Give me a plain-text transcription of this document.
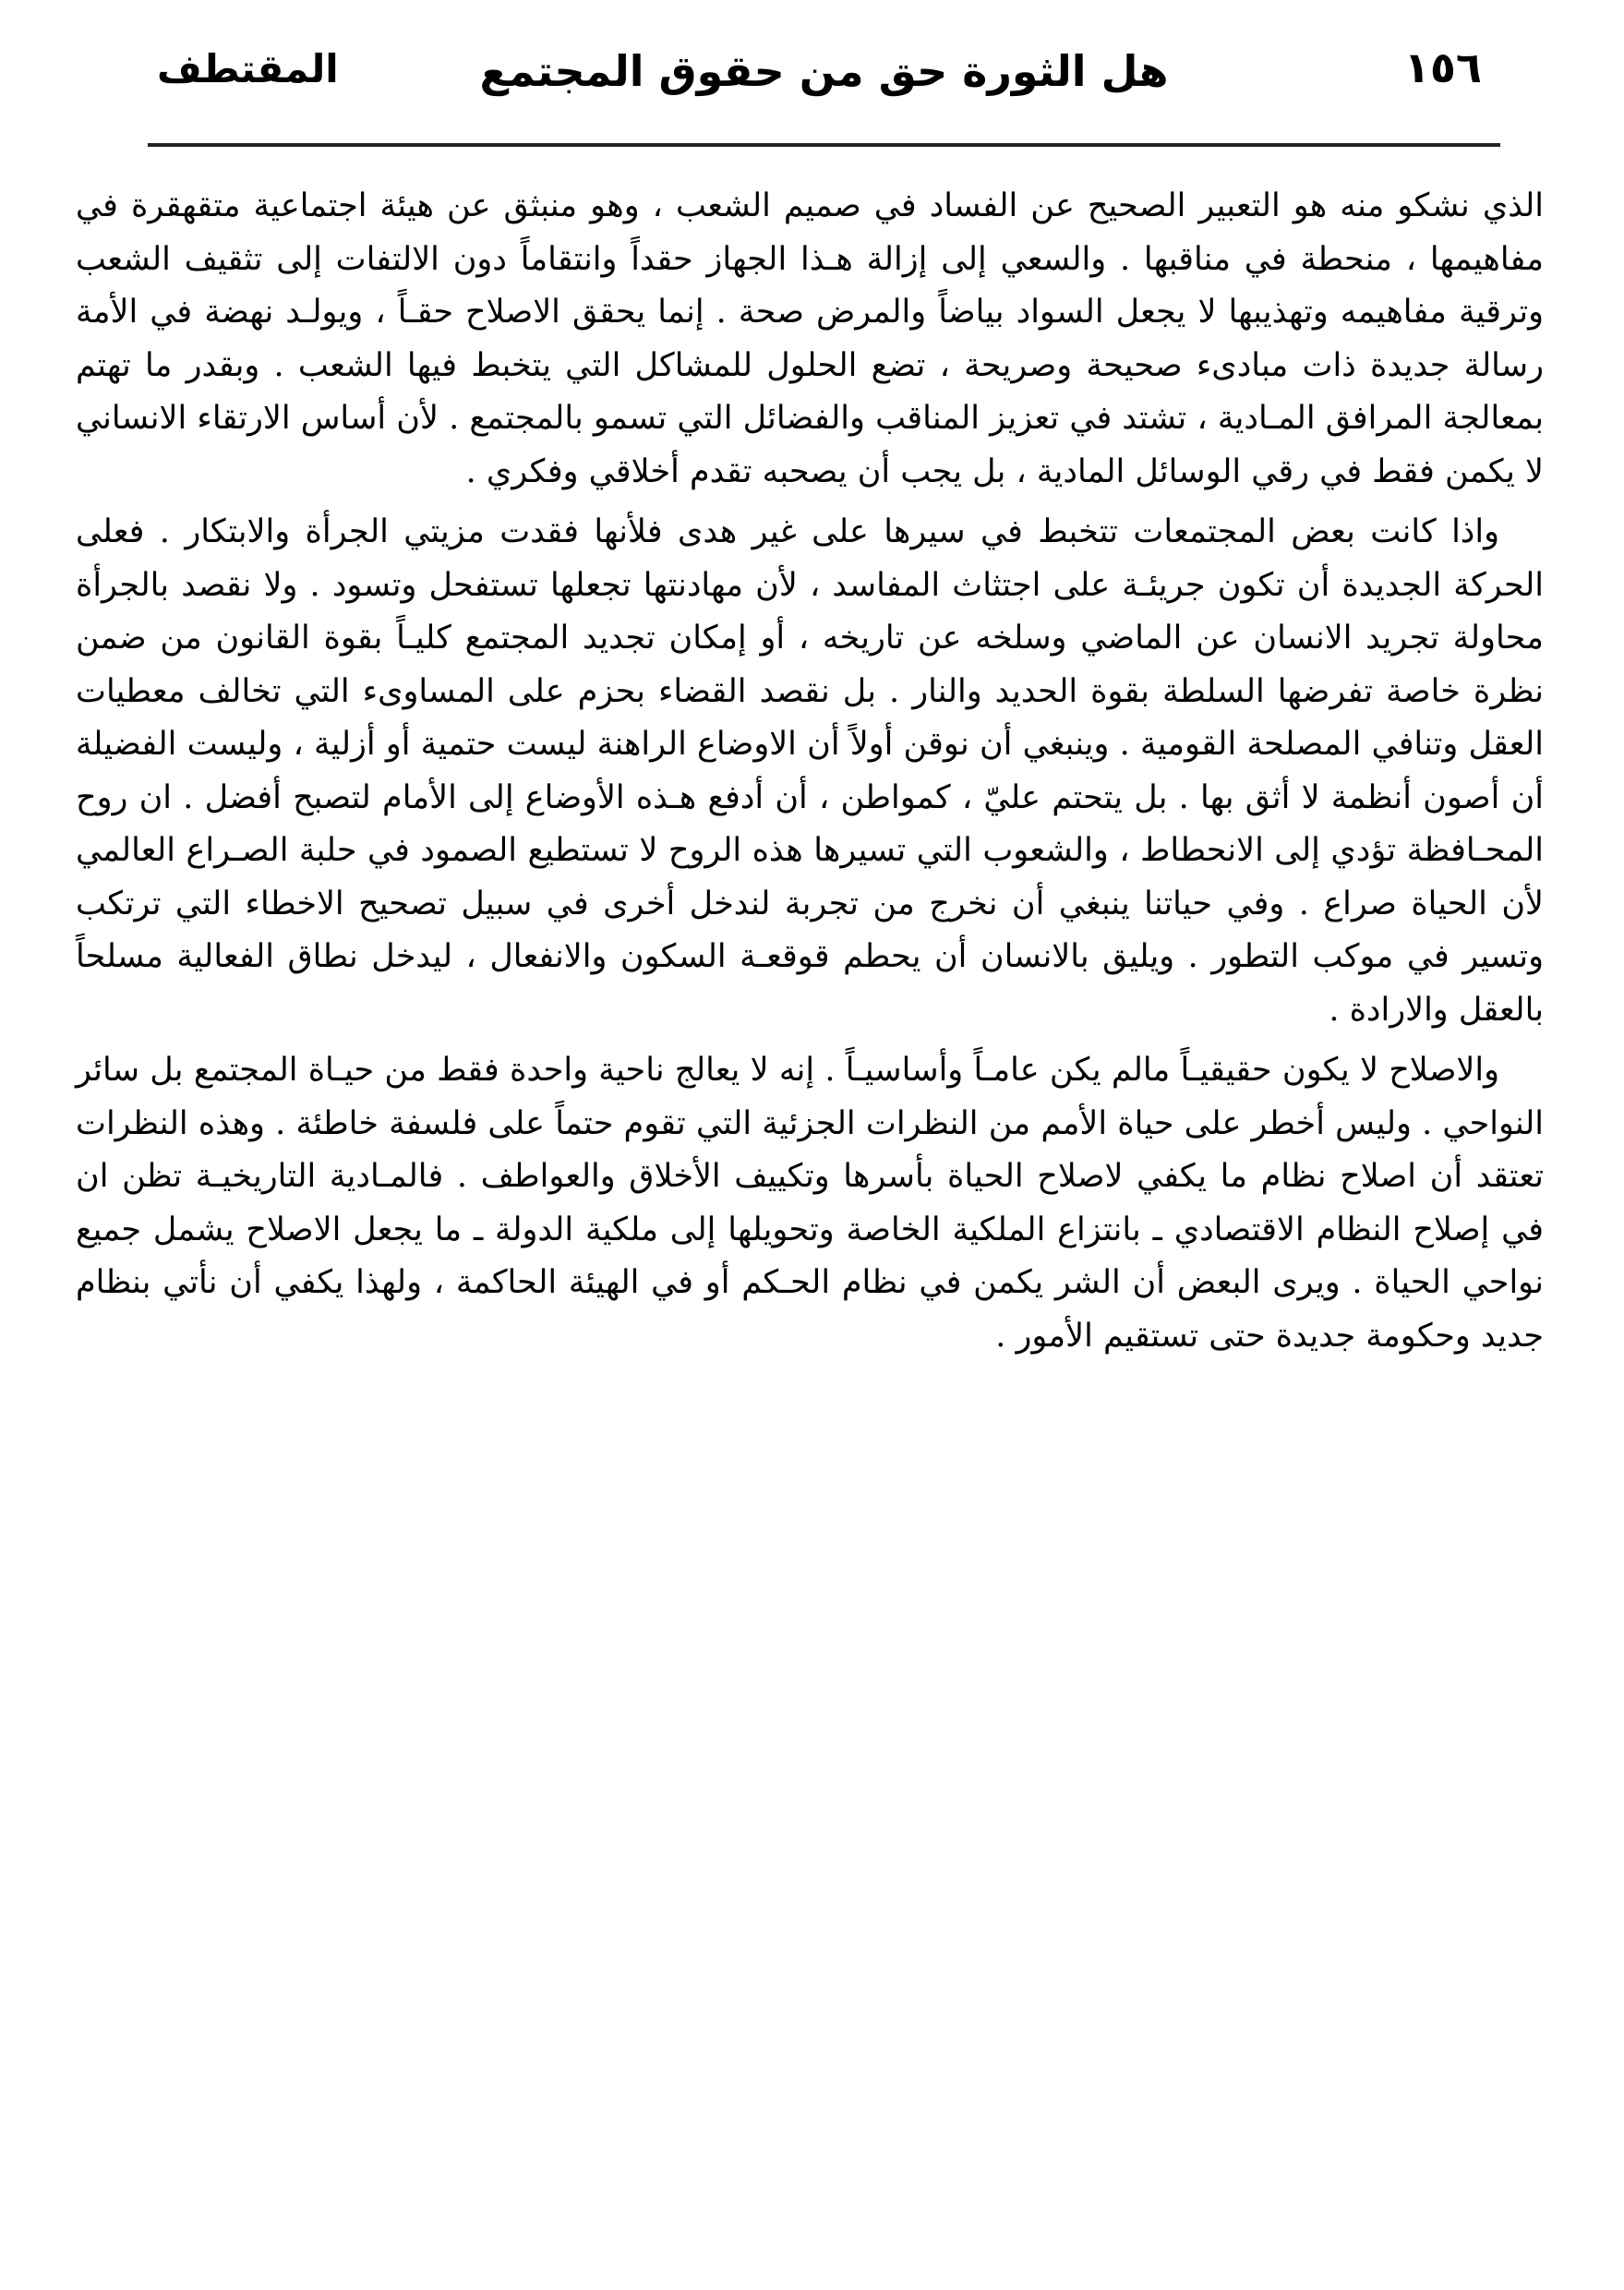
المقتطف	هل الثورة حق من حقوق المجتمع	١٥٦

الذي نشكو منه هو التعبير الصحيح عن الفساد في صميم الشعب ، وهو منبثق عن هيئة اجتماعية متقهقرة في مفاهيمها ، منحطة في مناقبها . والسعي إلى إزالة هـذا الجهاز حقداً وانتقاماً دون الالتفات إلى تثقيف الشعب وترقية مفاهيمه وتهذيبها لا يجعل السواد بياضاً والمرض صحة . إنما يحقق الاصلاح حقـاً ، ويولـد نهضة في الأمة رسالة جديدة ذات مبادىء صحيحة وصريحة ، تضع الحلول للمشاكل التي يتخبط فيها الشعب . وبقدر ما تهتم بمعالجة المرافق المـادية ، تشتد في تعزيز المناقب والفضائل التي تسمو بالمجتمع . لأن أساس الارتقاء الانساني لا يكمن فقط في رقي الوسائل المادية ، بل يجب أن يصحبه تقدم أخلاقي وفكري .

واذا كانت بعض المجتمعات تتخبط في سيرها على غير هدى فلأنها فقدت مزيتي الجرأة والابتكار . فعلى الحركة الجديدة أن تكون جريئـة على اجتثاث المفاسد ، لأن مهادنتها تجعلها تستفحل وتسود . ولا نقصد بالجرأة محاولة تجريد الانسان عن الماضي وسلخه عن تاريخه ، أو إمكان تجديد المجتمع كليـاً بقوة القانون من ضمن نظرة خاصة تفرضها السلطة بقوة الحديد والنار . بل نقصد القضاء بحزم على المساوىء التي تخالف معطيات العقل وتنافي المصلحة القومية . وينبغي أن نوقن أولاً أن الاوضاع الراهنة ليست حتمية أو أزلية ، وليست الفضيلة أن أصون أنظمة لا أثق بها . بل يتحتم عليّ ، كمواطن ، أن أدفع هـذه الأوضاع إلى الأمام لتصبح أفضل . ان روح المحـافظة تؤدي إلى الانحطاط ، والشعوب التي تسيرها هذه الروح لا تستطيع الصمود في حلبة الصـراع العالمي لأن الحياة صراع . وفي حياتنا ينبغي أن نخرج من تجربة لندخل أخرى في سبيل تصحيح الاخطاء التي ترتكب وتسير في موكب التطور . ويليق بالانسان أن يحطم قوقعـة السكون والانفعال ، ليدخل نطاق الفعالية مسلحاً بالعقل والارادة .

والاصلاح لا يكون حقيقيـاً مالم يكن عامـاً وأساسيـاً . إنه لا يعالج ناحية واحدة فقط من حيـاة المجتمع بل سائر النواحي . وليس أخطر على حياة الأمم من النظرات الجزئية التي تقوم حتماً على فلسفة خاطئة . وهذه النظرات تعتقد أن اصلاح نظام ما يكفي لاصلاح الحياة بأسرها وتكييف الأخلاق والعواطف . فالمـادية التاريخيـة تظن ان في إصلاح النظام الاقتصادي ـ بانتزاع الملكية الخاصة وتحويلها إلى ملكية الدولة ـ ما يجعل الاصلاح يشمل جميع نواحي الحياة . ويرى البعض أن الشر يكمن في نظام الحـكم أو في الهيئة الحاكمة ، ولهذا يكفي أن نأتي بنظام جديد وحكومة جديدة حتى تستقيم الأمور .
